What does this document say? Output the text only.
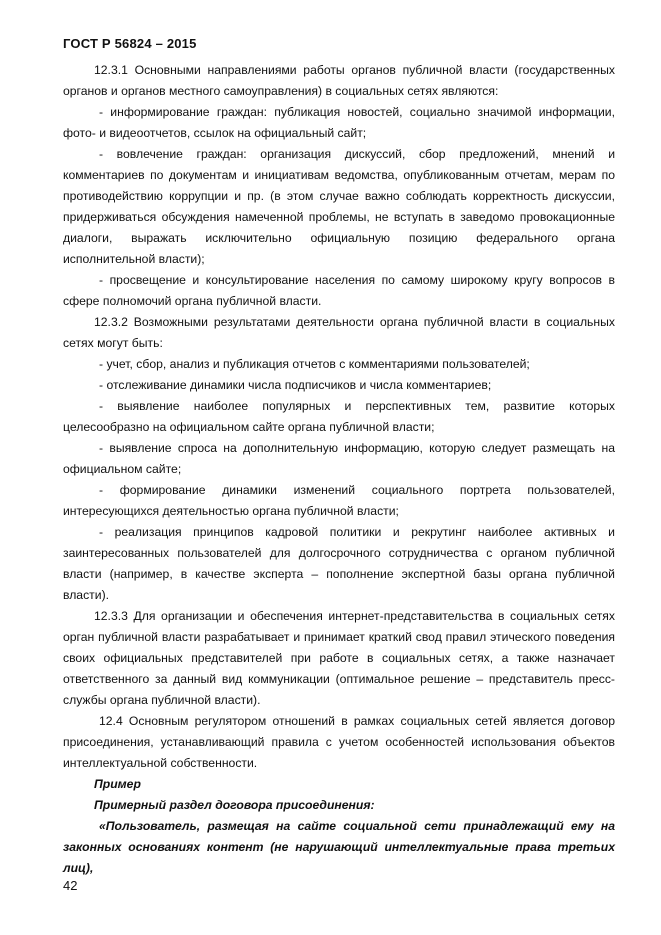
ГОСТ Р 56824 – 2015

12.3.1 Основными направлениями работы органов публичной власти (государственных органов и органов местного самоуправления) в социальных сетях являются:

- информирование граждан: публикация новостей, социально значимой информации, фото- и видеоотчетов, ссылок на официальный сайт;

- вовлечение граждан: организация дискуссий, сбор предложений, мнений и комментариев по документам и инициативам ведомства, опубликованным отчетам, мерам по противодействию коррупции и пр. (в этом случае важно соблюдать корректность дискуссии, придерживаться обсуждения намеченной проблемы, не вступать в заведомо провокационные диалоги, выражать исключительно официальную позицию федерального органа исполнительной власти);

- просвещение и консультирование населения по самому широкому кругу вопросов в сфере полномочий органа публичной власти.

12.3.2 Возможными результатами деятельности органа публичной власти в социальных сетях могут быть:

- учет, сбор, анализ и публикация отчетов с комментариями пользователей;

- отслеживание динамики числа подписчиков и числа комментариев;

- выявление наиболее популярных и перспективных тем, развитие которых целесообразно на официальном сайте органа публичной власти;

- выявление спроса на дополнительную информацию, которую следует размещать на официальном сайте;

- формирование динамики изменений социального портрета пользователей, интересующихся деятельностью органа публичной власти;

- реализация принципов кадровой политики и рекрутинг наиболее активных и заинтересованных пользователей для долгосрочного сотрудничества с органом публичной власти (например, в качестве эксперта – пополнение экспертной базы органа публичной власти).

12.3.3 Для организации и обеспечения интернет-представительства в социальных сетях орган публичной власти разрабатывает и принимает краткий свод правил этического поведения своих официальных представителей при работе в социальных сетях, а также назначает ответственного за данный вид коммуникации (оптимальное решение – представитель пресс-службы органа публичной власти).

12.4 Основным регулятором отношений в рамках социальных сетей является договор присоединения, устанавливающий правила с учетом особенностей использования объектов интеллектуальной собственности.

Пример

Примерный раздел договора присоединения:

«Пользователь, размещая на сайте социальной сети принадлежащий ему на законных основаниях контент (не нарушающий интеллектуальные права третьих лиц),

42
